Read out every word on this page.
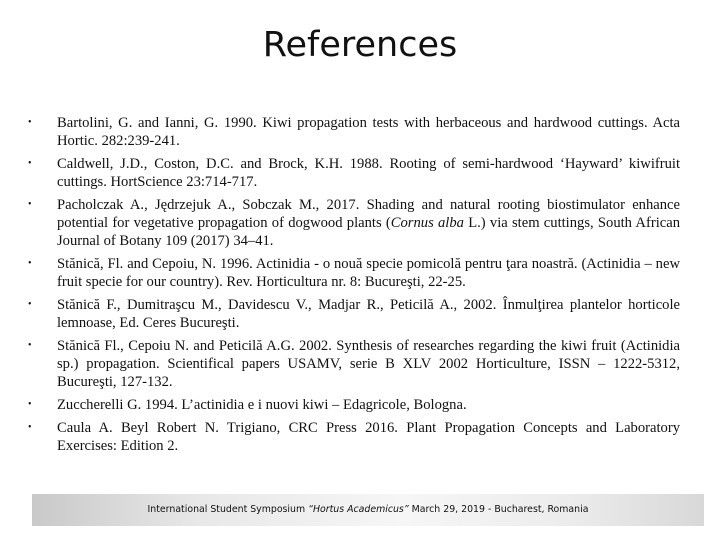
References
• Bartolini, G. and Ianni, G. 1990. Kiwi propagation tests with herbaceous and hardwood cuttings. Acta Hortic. 282:239-241.
• Caldwell, J.D., Coston, D.C. and Brock, K.H. 1988. Rooting of semi-hardwood ‘Hayward’ kiwifruit cuttings. HortScience 23:714-717.
• Pacholczak A., Jędrzejuk A., Sobczak M., 2017. Shading and natural rooting biostimulator enhance potential for vegetative propagation of dogwood plants (Cornus alba L.) via stem cuttings, South African Journal of Botany 109 (2017) 34–41.
• Stănică, Fl. and Cepoiu, N. 1996. Actinidia - o nouă specie pomicolă pentru ţara noastră. (Actinidia – new fruit specie for our country). Rev. Horticultura nr. 8: Bucureşti, 22-25.
• Stănică F., Dumitraşcu M., Davidescu V., Madjar R., Peticilă A., 2002. Înmulţirea plantelor horticole lemnoase, Ed. Ceres Bucureşti.
• Stănică Fl., Cepoiu N. and Peticilă A.G. 2002. Synthesis of researches regarding the kiwi fruit (Actinidia sp.) propagation. Scientifical papers USAMV, serie B XLV 2002 Horticulture, ISSN – 1222-5312, Bucureşti, 127-132.
• Zuccherelli G. 1994. L’actinidia e i nuovi kiwi – Edagricole, Bologna.
• Caula A. Beyl Robert N. Trigiano, CRC Press 2016. Plant Propagation Concepts and Laboratory Exercises: Edition 2.
International Student Symposium “Hortus Academicus” March 29, 2019 - Bucharest, Romania
